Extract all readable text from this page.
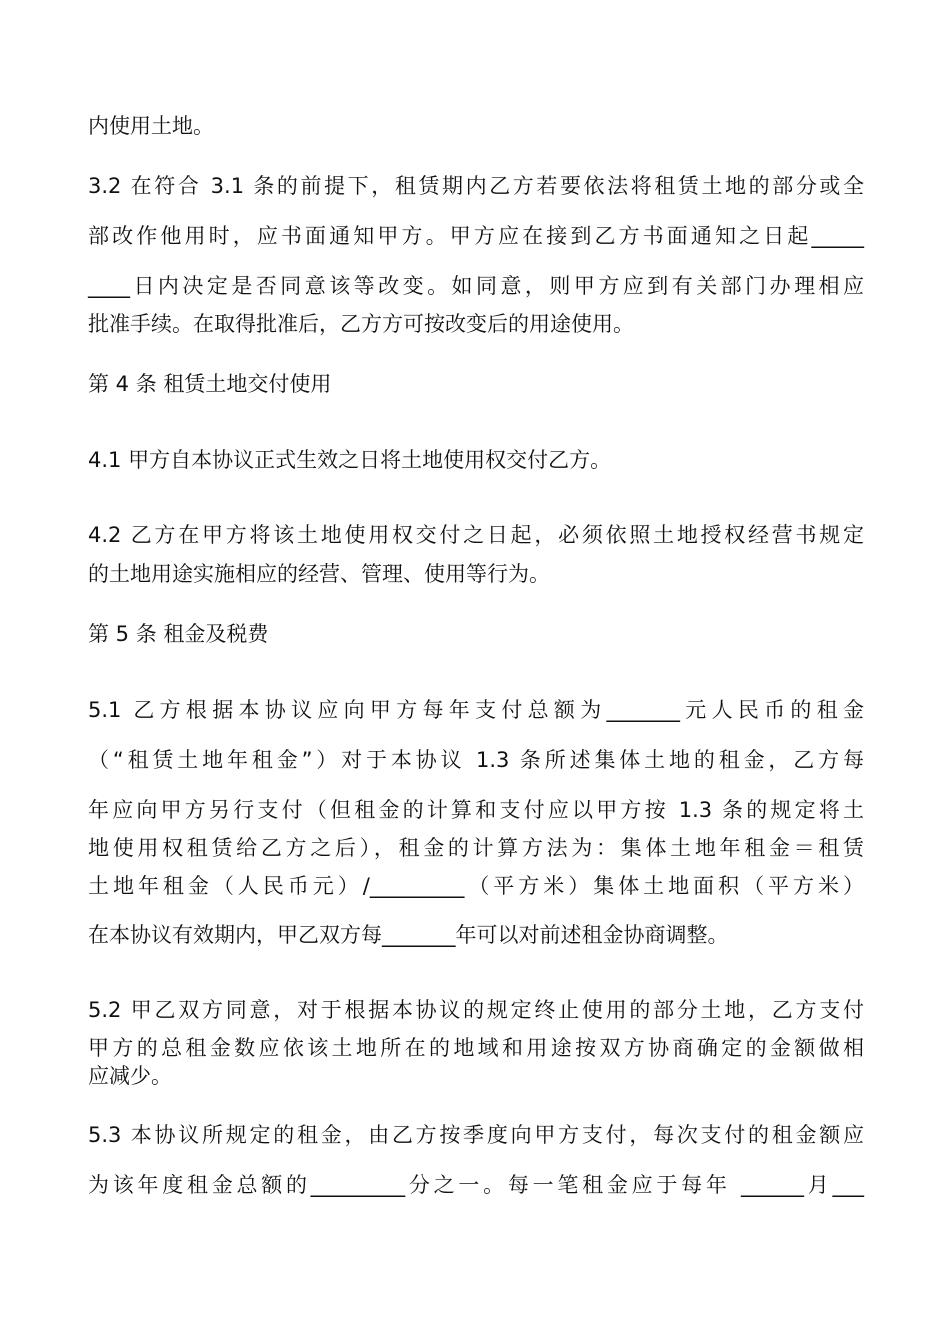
内使用土地。
3.2 在符合 3.1 条的前提下，租赁期内乙方若要依法将租赁土地的部分或全
部改作他用时，应书面通知甲方。甲方应在接到乙方书面通知之日起_____
____日内决定是否同意该等改变。如同意，则甲方应到有关部门办理相应
批准手续。在取得批准后，乙方方可按改变后的用途使用。
第 4 条 租赁土地交付使用
4.1 甲方自本协议正式生效之日将土地使用权交付乙方。
4.2 乙方在甲方将该土地使用权交付之日起，必须依照土地授权经营书规定
的土地用途实施相应的经营、管理、使用等行为。
第 5 条 租金及税费
5.1 乙方根据本协议应向甲方每年支付总额为_______元人民币的租金
（“租赁土地年租金”）对于本协议 1.3 条所述集体土地的租金，乙方每
年应向甲方另行支付（但租金的计算和支付应以甲方按 1.3 条的规定将土
地使用权租赁给乙方之后），租金的计算方法为：集体土地年租金＝租赁
土地年租金（人民币元）/_________（平方米）集体土地面积（平方米）
在本协议有效期内，甲乙双方每_______年可以对前述租金协商调整。
5.2 甲乙双方同意，对于根据本协议的规定终止使用的部分土地，乙方支付
甲方的总租金数应依该土地所在的地域和用途按双方协商确定的金额做相
应减少。
5.3 本协议所规定的租金，由乙方按季度向甲方支付，每次支付的租金额应
为该年度租金总额的_________分之一。每一笔租金应于每年 ______月___
